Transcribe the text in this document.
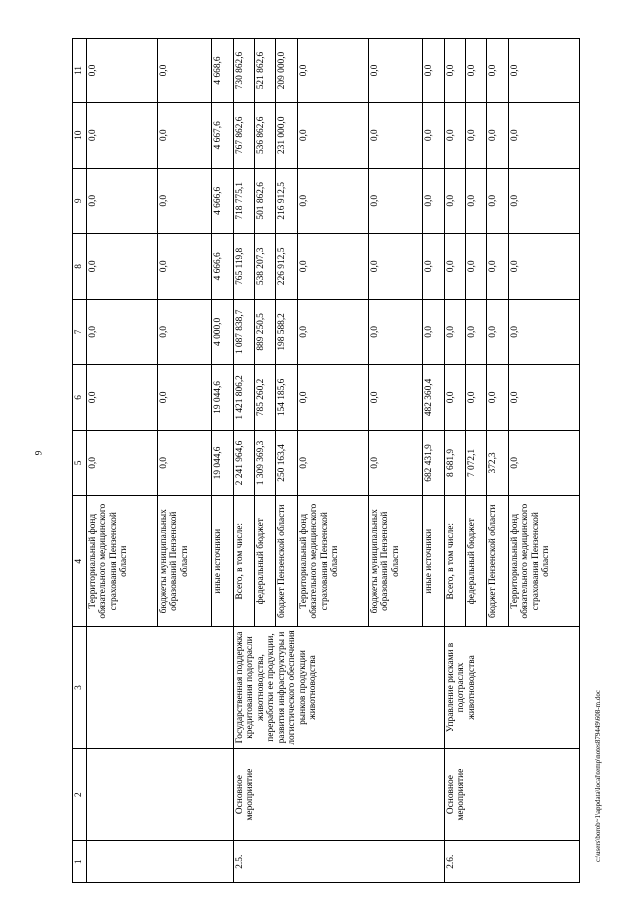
9
c:\users\borob~1\appdata\local\temp\notes879449\608-m.doc
1	2	3	4	5	6	7	8	9	10	11
			Территориальный фонд обязательного медицинского страхования Пензенской области	0,0	0,0	0,0	0,0	0,0	0,0	0,0
			бюджеты муниципальных образований Пензенской области	0,0	0,0	0,0	0,0	0,0	0,0	0,0
			иные источники	19 044,6	19 044,6	4 000,0	4 666,6	4 666,6	4 667,6	4 668,6
2.5.	Основное мероприятие	Государственная поддержка кредитования подотрасли животноводства, переработки ее продукции, развития инфраструктуры и логистического обеспечения рынков продукции животноводства	Всего, в том числе:	2 241 964,6	1 421 806,2	1 087 838,7	765 119,8	718 775,1	767 862,6	730 862,6
			федеральный бюджет	1 309 369,3	785 260,2	889 250,5	538 207,3	501 862,6	536 862,6	521 862,6
			бюджет Пензенской области	250 163,4	154 185,6	198 588,2	226 912,5	216 912,5	231 000,0	209 000,0
			Территориальный фонд обязательного медицинского страхования Пензенской области	0,0	0,0	0,0	0,0	0,0	0,0	0,0
			бюджеты муниципальных образований Пензенской области	0,0	0,0	0,0	0,0	0,0	0,0	0,0
			иные источники	682 431,9	482 360,4	0,0	0,0	0,0	0,0	0,0
2.6.	Основное мероприятие	Управление рисками в подотраслях животноводства	Всего, в том числе:	8 681,9	0,0	0,0	0,0	0,0	0,0	0,0
			федеральный бюджет	7 072,1	0,0	0,0	0,0	0,0	0,0	0,0
			бюджет Пензенской области	372,3	0,0	0,0	0,0	0,0	0,0	0,0
			Территориальный фонд обязательного медицинского страхования Пензенской области	0,0	0,0	0,0	0,0	0,0	0,0	0,0
